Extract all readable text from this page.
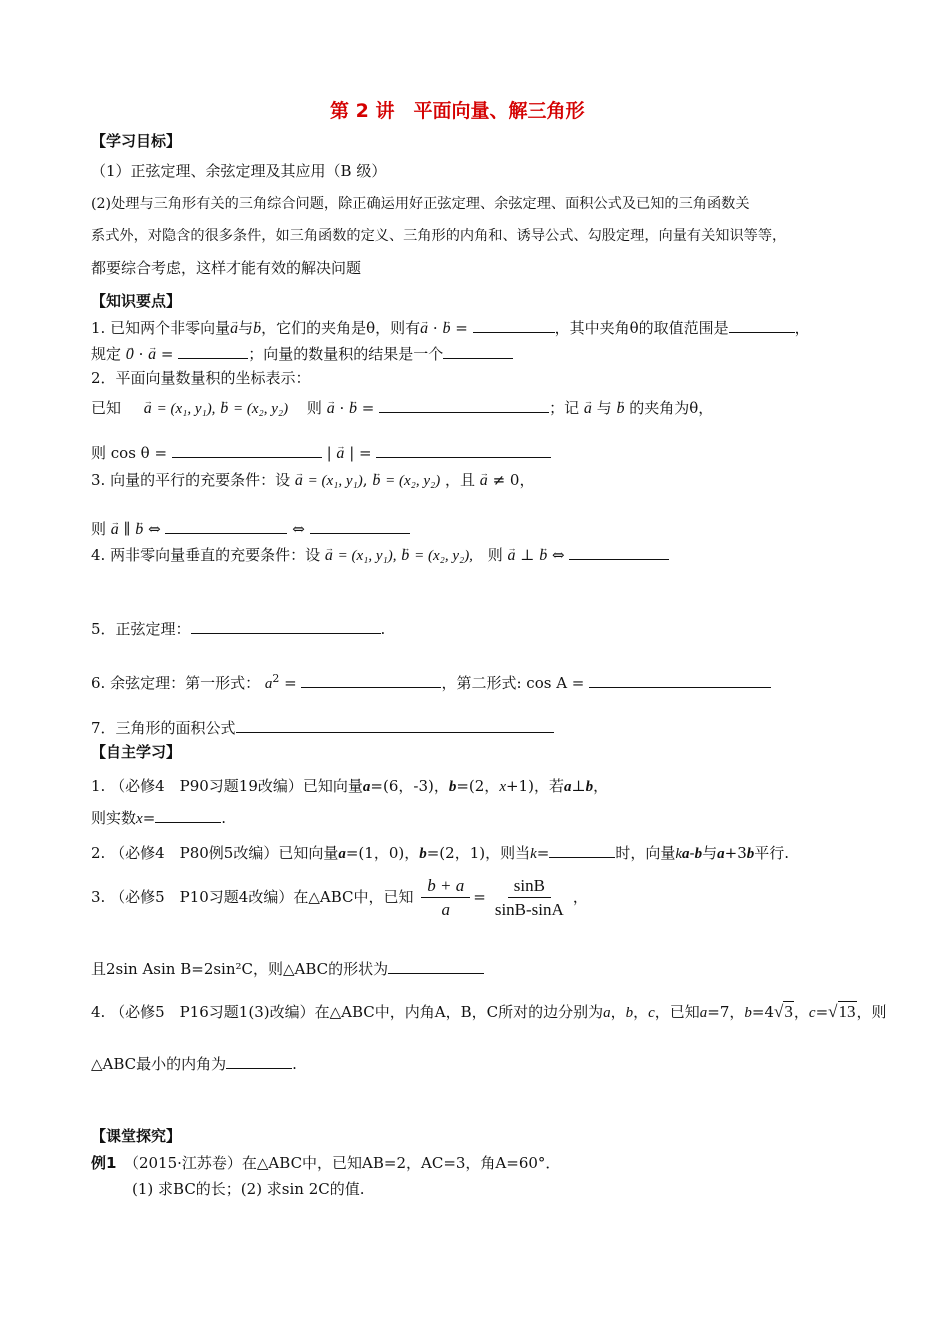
第 2 讲　平面向量、解三角形
【学习目标】
（1）正弦定理、余弦定理及其应用（B 级）
(2)处理与三角形有关的三角综合问题，除正确运用好正弦定理、余弦定理、面积公式及已知的三角函数关
系式外，对隐含的很多条件，如三角函数的定义、三角形的内角和、诱导公式、勾股定理，向量有关知识等等，
都要综合考虑，这样才能有效的解决问题
【知识要点】
1. 已知两个非零向量→ a与→ b，它们的夹角是θ，则有→ a · → b =	，其中夹角θ的取值范围是	，
规定 → 0 · → a =	；向量的数量积的结果是一个
2．平面向量数量积的坐标表示：
已知 → a = (x₁, y₁), → b = (x₂, y₂) 则 → a · → b =	；记 → a 与 → b 的夹角为θ，
则 cos θ =	| → a | =
3. 向量的平行的充要条件：设 → a = (x₁, y₁), → b = (x₂, y₂) ，且 → a ≠ 0，
则 → a ∥ → b ⇔	⇔
4. 两非零向量垂直的充要条件：设 → a = (x₁, y₁), → b = (x₂, y₂), 则 → a ⊥ → b ⇔
5．正弦定理：	.
6. 余弦定理：第一形式： $a^2$ =	，第二形式: cos A =
7．三角形的面积公式
【自主学习】
1. （必修4　P90习题19改编）已知向量a=(6，-3)，b=(2，x+1)，若a⊥b，
则实数x=	.
2. （必修4　P80例5改编）已知向量a=(1，0)，b=(2，1)，则当k=	时，向量ka-b与a+3b平行.
3. （必修5　P10习题4改编）在△ABC中，已知 $\frac{b + a}{a} = \frac{\sin B}{\sin B-\sin A}$ ，
且2sin Asin B=2sin²C，则△ABC的形状为
4. （必修5　P16习题1(3)改编）在△ABC中，内角A，B，C所对的边分别为a，b，c，已知a=7，b=4√3，c=√13，则
△ABC最小的内角为	.
【课堂探究】
例1　 （2015·江苏卷）在△ABC中，已知AB=2，AC=3，角A=60°．
(1) 求BC的长；(2) 求sin 2C的值.
